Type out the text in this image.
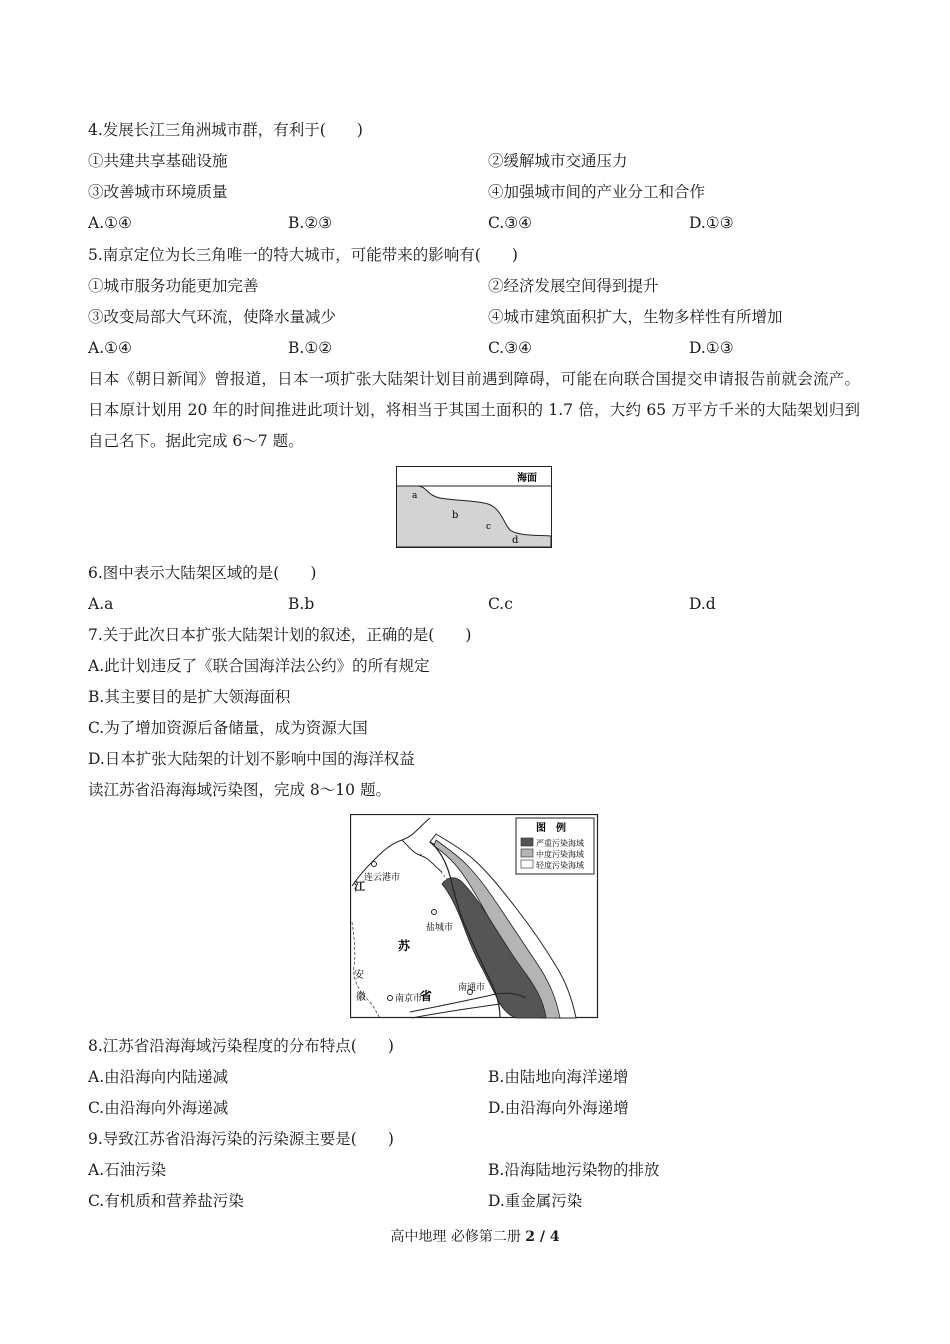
4.发展长江三角洲城市群，有利于(　　)
①共建共享基础设施	②缓解城市交通压力
③改善城市环境质量	④加强城市间的产业分工和合作
A.①④	B.②③	C.③④	D.①③
5.南京定位为长三角唯一的特大城市，可能带来的影响有(　　)
①城市服务功能更加完善	②经济发展空间得到提升
③改变局部大气环流，使降水量减少	④城市建筑面积扩大，生物多样性有所增加
A.①④	B.①②	C.③④	D.①③
日本《朝日新闻》曾报道，日本一项扩张大陆架计划目前遇到障碍，可能在向联合国提交申请报告前就会流产。日本原计划用 20 年的时间推进此项计划，将相当于其国土面积的 1.7 倍，大约 65 万平方千米的大陆架划归到自己名下。据此完成 6～7 题。
海面
a
b
c
d
6.图中表示大陆架区域的是(　　)
A.a	B.b	C.c	D.d
7.关于此次日本扩张大陆架计划的叙述，正确的是(　　)
A.此计划违反了《联合国海洋法公约》的所有规定
B.其主要目的是扩大领海面积
C.为了增加资源后备储量，成为资源大国
D.日本扩张大陆架的计划不影响中国的海洋权益
读江苏省沿海海域污染图，完成 8～10 题。
图　例
严重污染海域
中度污染海域
轻度污染海域
连云港市
盐城市
南京市
南通市
江
苏
省
安
徽
8.江苏省沿海海域污染程度的分布特点(　　)
A.由沿海向内陆递减	B.由陆地向海洋递增
C.由沿海向外海递减	D.由沿海向外海递增
9.导致江苏省沿海污染的污染源主要是(　　)
A.石油污染	B.沿海陆地污染物的排放
C.有机质和营养盐污染	D.重金属污染
高中地理 必修第二册 2 / 4
